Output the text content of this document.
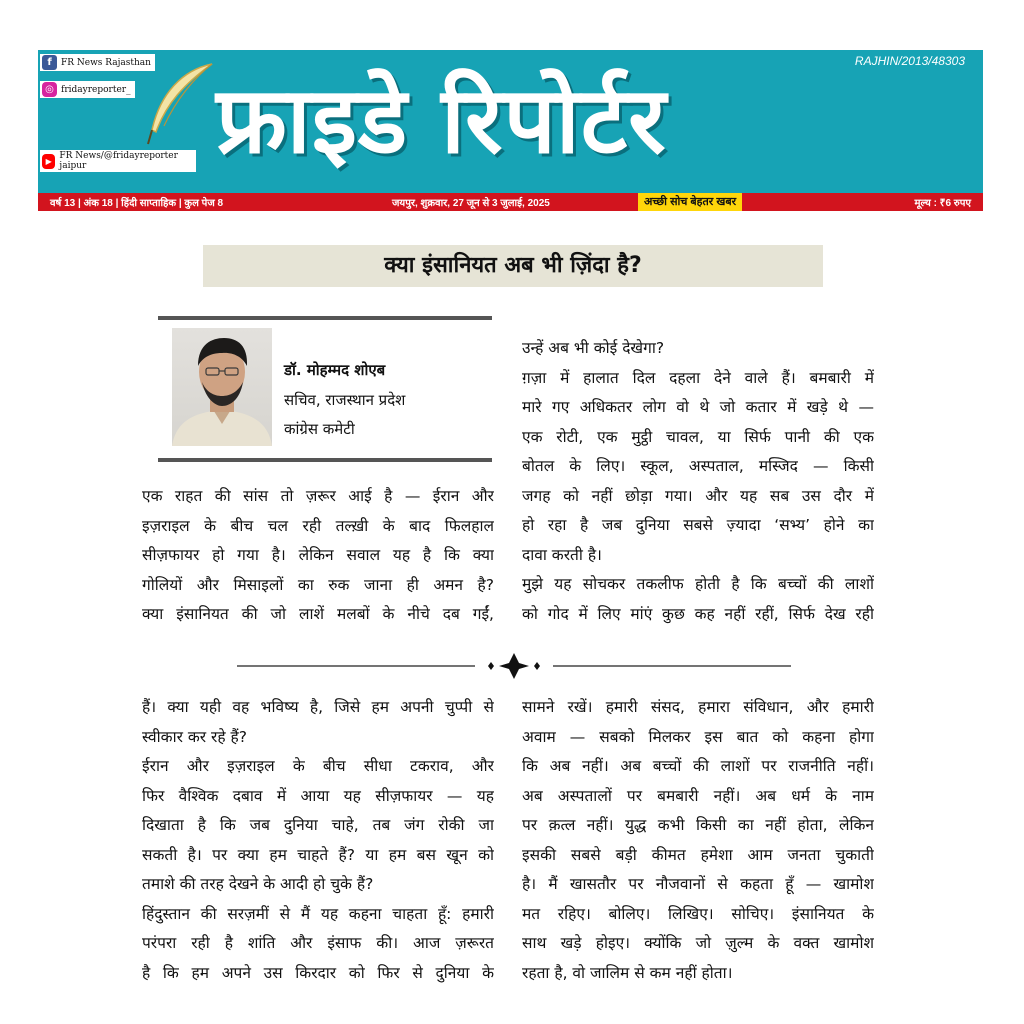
f	FR News Rajasthan
◎ fridayreporter_
▶ FR News/@fridayreporter jaipur	फ्राइडे रिपोर्टर
RAJHIN/2013/48303
वर्ष 13 | अंक 18 | हिंदी साप्ताहिक | कुल पेज 8	जयपुर, शुक्रवार, 27 जून से 3 जुलाई, 2025	अच्छी सोच बेहतर खबर	मूल्य : ₹6 रुपए
क्या इंसानियत अब भी ज़िंदा है?
डॉ. मोहम्मद शोएब
सचिव, राजस्थान प्रदेश
कांग्रेस कमेटी
एक राहत की सांस तो ज़रूर आई है — ईरान और
इज़राइल के बीच चल रही तल्ख़ी के बाद फिलहाल
सीज़फायर हो गया है। लेकिन सवाल यह है कि क्या
गोलियों और मिसाइलों का रुक जाना ही अमन है?
क्या इंसानियत की जो लाशें मलबों के नीचे दब गईं,
उन्हें अब भी कोई देखेगा?
ग़ज़ा में हालात दिल दहला देने वाले हैं। बमबारी में
मारे गए अधिकतर लोग वो थे जो कतार में खड़े थे —
एक रोटी, एक मुट्ठी चावल, या सिर्फ पानी की एक
बोतल के लिए। स्कूल, अस्पताल, मस्जिद — किसी
जगह को नहीं छोड़ा गया। और यह सब उस दौर में
हो रहा है जब दुनिया सबसे ज़्यादा ‘सभ्य’ होने का
दावा करती है।
मुझे यह सोचकर तकलीफ होती है कि बच्चों की लाशों
को गोद में लिए मांएं कुछ कह नहीं रहीं, सिर्फ देख रही
हैं। क्या यही वह भविष्य है, जिसे हम अपनी चुप्पी से
स्वीकार कर रहे हैं?
ईरान और इज़राइल के बीच सीधा टकराव, और
फिर वैश्विक दबाव में आया यह सीज़फायर — यह
दिखाता है कि जब दुनिया चाहे, तब जंग रोकी जा
सकती है। पर क्या हम चाहते हैं? या हम बस खून को
तमाशे की तरह देखने के आदी हो चुके हैं?
हिंदुस्तान की सरज़मीं से मैं यह कहना चाहता हूँ: हमारी
परंपरा रही है शांति और इंसाफ की। आज ज़रूरत
है कि हम अपने उस किरदार को फिर से दुनिया के
सामने रखें। हमारी संसद, हमारा संविधान, और हमारी
अवाम — सबको मिलकर इस बात को कहना होगा
कि अब नहीं। अब बच्चों की लाशों पर राजनीति नहीं।
अब अस्पतालों पर बमबारी नहीं। अब धर्म के नाम
पर क़त्ल नहीं। युद्ध कभी किसी का नहीं होता, लेकिन
इसकी सबसे बड़ी कीमत हमेशा आम जनता चुकाती
है। मैं खासतौर पर नौजवानों से कहता हूँ — खामोश
मत रहिए। बोलिए। लिखिए। सोचिए। इंसानियत के
साथ खड़े होइए। क्योंकि जो ज़ुल्म के वक्त खामोश
रहता है, वो जालिम से कम नहीं होता।
